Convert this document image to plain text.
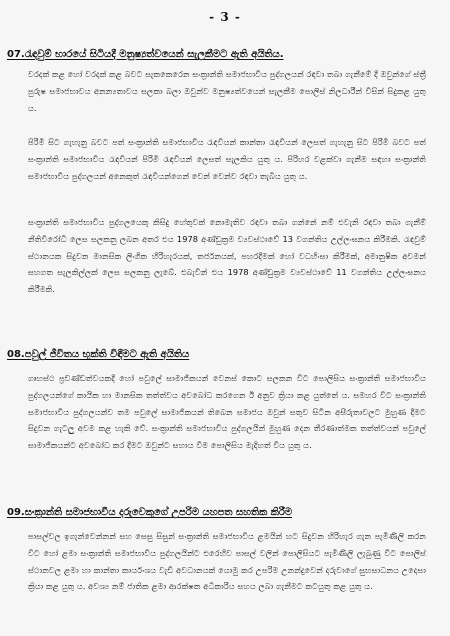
- 3 -
07.රැඳවුම් භාරයේ සිටියදී මනුෂ්‍යත්වයෙන් සැලකීමට ඇති අයිතිය.

වරදක් කළ හෝ වරදක් කළ බවට සැකකෙරෙන සංක්‍රාන්ති සමාජභාවීය පුද්ගලයන් රඳවා තබා ගැනීමේ දී ඔවුන්ගේ ස්ත්‍රී පුරුෂ සමාජභාවය අනන්‍යතාවය සලකා බලා ඔවුන්ව මනුෂ්‍යත්වයෙන් සැලකීම පොලිස් නිලධාරීන් විසින් සිදුකළ යුතු ය.

පිරිමි සිට ගැහැනු බවට පත් සංක්‍රාන්ති සමාජභාවීය රැඳවියන් කාන්තා රැඳවියන් ලෙසත් ගැහැනු සිට පිරිමි බවට පත් සංක්‍රාන්ති සමාජභාවීය රැඳවියන් පිරිමි රැඳවියන් ලෙසත් සැලකිය යුතු ය. පිරිහර වළක්වා ගැනීම සඳහා සංක්‍රාන්ති සමාජභාවීය පුද්ගලයන් අනෙකුත් රැඳවියන්ගෙන් වෙන් වෙන්ව රඳවා තැබිය යුතු ය.

සංක්‍රාන්ති සමාජභාවීය පුද්ගලයෙකු කිසිදු හේතුවක් නොමැතිව රඳවා තබා ගන්නේ නම් එවැනි රඳවා තබා ගැනීම් නීතිවිරෝධී ලෙස සලකනු ලබන අතර එය 1978 අණ්ඩුක්‍රම ව්‍යවස්ථාවේ 13 වගන්තිය උල්ලංඝනය කිරීමකි. රැඳවුම් ස්ථානයක සිදුවන මානසික ලිංගික හිරිහැරයක්, තර්ජනයක්, පහරදීමක් හෝ වධහිංසා කිරීමක්, අමානුෂික අවමන් සහගත සැලකිල්ලක් ලෙස සලකනු ලැබේ. එබැවින් එය 1978 අණ්ඩුක්‍රම ව්‍යවස්ථාවේ 11 වගන්තිය උල්ලංඝනය කිරීමකි.

08.පවුල් ජීවිතය භුක්ති විඳීමට ඇති අයිතිය

ගෘහස්ථ ප්‍රචණ්ඩත්වයකදී හෝ පවුලේ සාමාජිකයන් වෙනස් කොට සලකන විට පොලිසිය සංක්‍රාන්ති සමාජභාවීය පුද්ගලයන්ගේ කායික හා මානසික තත්ත්වය අවබෝධ කරගෙන ඊ අනුව ක්‍රියා කළ යුත්තේ ය. සමහර විට සංක්‍රාන්ති සමාජභාවීය පුද්ගලයන්ව තම පවුලේ සාමාජිකයන් තිබෙන සමාජය ඔවුන් සතුව සිටින අසීරුතාවලට මුහුණ දීමට සිදුවන ගැටලු අවම කළ හැකි වේ. සංක්‍රාන්ති සමාජභාවීය පුද්ගලයින් මුහුණ දෙන තීරණාත්මක තත්ත්වයන් පවුලේ සාමාජිකයන්ට අවබෝධ කර දීමට ඔවුන්ට සහාය වීම පොලිසිය මැදිහත් විය යුතු ය.

09.සංක්‍රාන්ති සමාජභාවීය දරුවෙකුගේ උපරිම යහපත සහතික කිරීම

පාසල්වල ඉගැන්වෙන්නන් සහ සෙසු සිසුන් සංක්‍රාන්ති සමාජභාවීය ළමයින් හට සිදුවන හිරිහැර ගැන පැමිණිලි කරන විට හෝ ළමා සංක්‍රාන්ති සමාජභාවීය පුද්ගලයින්ට එරෙහිව පාසල් වලින් පොලිසියට පැමිණිලි ලැබුණු විට පොලිස් ස්ථානවල ළමා හා කාන්තා කාර්යංශය වැඩි අවධානයක් යොමු කර උපරිම උනන්දුවෙන් දරුවාගේ සුභසාධනය උදෙසා ක්‍රියා කළ යුතු ය. අවශ්‍ය නම් ජාතික ළමා ආරක්ෂක අධිකාරිය සහය ලබා ගැනීමට කටයුතු කළ යුතු ය.
